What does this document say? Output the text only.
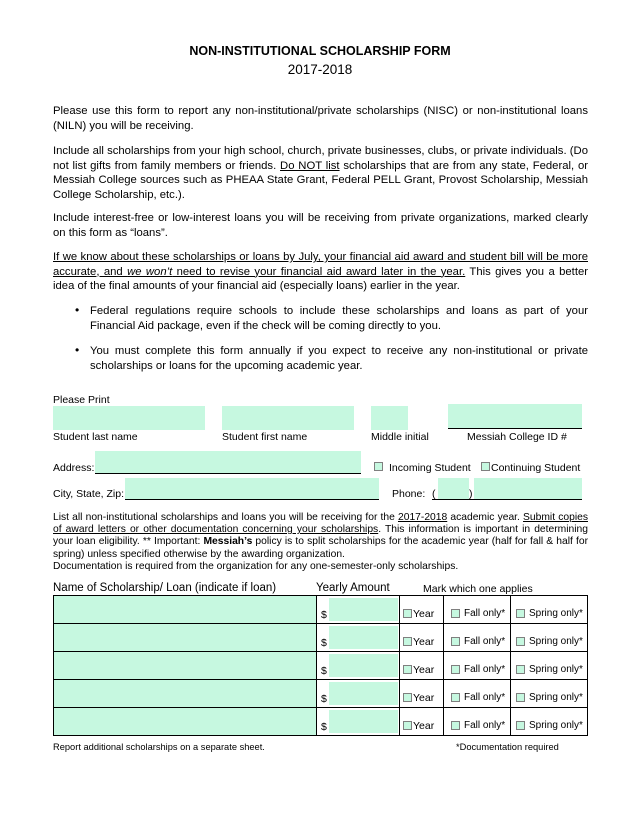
NON-INSTITUTIONAL SCHOLARSHIP FORM
2017-2018
Please use this form to report any non-institutional/private scholarships (NISC) or non-institutional loans (NILN) you will be receiving.
Include all scholarships from your high school, church, private businesses, clubs, or private individuals. (Do not list gifts from family members or friends. Do NOT list scholarships that are from any state, Federal, or Messiah College sources such as PHEAA State Grant, Federal PELL Grant, Provost Scholarship, Messiah College Scholarship, etc.).
Include interest-free or low-interest loans you will be receiving from private organizations, marked clearly on this form as “loans”.
If we know about these scholarships or loans by July, your financial aid award and student bill will be more accurate, and we won’t need to revise your financial aid award later in the year. This gives you a better idea of the final amounts of your financial aid (especially loans) earlier in the year.
• Federal regulations require schools to include these scholarships and loans as part of your Financial Aid package, even if the check will be coming directly to you.
• You must complete this form annually if you expect to receive any non-institutional or private scholarships or loans for the upcoming academic year.
Please Print
Student last name	Student first name	Middle initial	Messiah College ID #
Address:	Incoming Student Continuing Student
City, State, Zip:	Phone: (	)
List all non-institutional scholarships and loans you will be receiving for the 2017-2018 academic year. Submit copies of award letters or other documentation concerning your scholarships. This information is important in determining your loan eligibility. ** Important: Messiah’s policy is to split scholarships for the academic year (half for fall & half for spring) unless specified otherwise by the awarding organization.
Documentation is required from the organization for any one-semester-only scholarships.
Name of Scholarship/ Loan (indicate if loan)	Yearly Amount	Mark which one applies

	$	Year	Fall only*	Spring only*

	$	Year	Fall only*	Spring only*

	$	Year	Fall only*	Spring only*

	$	Year	Fall only*	Spring only*

	$	Year	Fall only*	Spring only*
Report additional scholarships on a separate sheet.	*Documentation required
